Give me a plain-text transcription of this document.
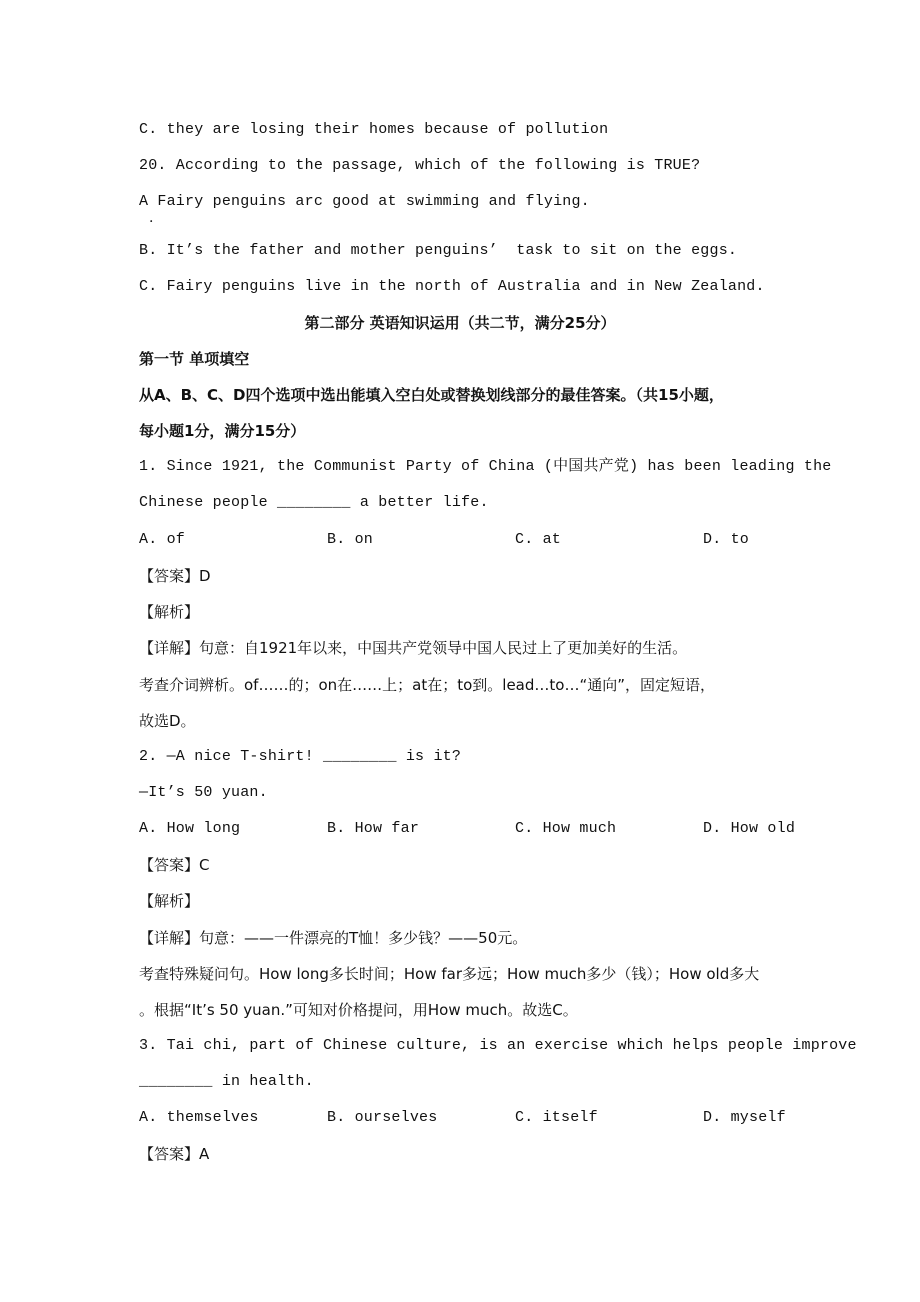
C. they are losing their homes because of pollution
20. According to the passage, which of the following is TRUE?
A Fairy penguins arc good at swimming and flying.
·
B. It’s the father and mother penguins’  task to sit on the eggs.
C. Fairy penguins live in the north of Australia and in New Zealand.
第二部分 英语知识运用（共二节，满分25分）
第一节 单项填空
从A、B、C、D四个选项中选出能填入空白处或替换划线部分的最佳答案。（共15小题，
每小题1分，满分15分）
1. Since 1921, the Communist Party of China (中国共产党) has been leading the
Chinese people ________ a better life.
A. of	B. on	C. at	D. to
【答案】D
【解析】
【详解】句意：自1921年以来，中国共产党领导中国人民过上了更加美好的生活。
考查介词辨析。of……的；on在……上；at在；to到。lead…to…“通向”，固定短语，
故选D。
2. —A nice T-shirt! ________ is it?
—It’s 50 yuan.
A. How long	B. How far	C. How much	D. How old
【答案】C
【解析】
【详解】句意：——一件漂亮的T恤！多少钱？——50元。
考查特殊疑问句。How long多长时间；How far多远；How much多少（钱）；How old多大
。根据“It’s 50 yuan.”可知对价格提问，用How much。故选C。
3. Tai chi, part of Chinese culture, is an exercise which helps people improve
________ in health.
A. themselves	B. ourselves	C. itself	D. myself
【答案】A
